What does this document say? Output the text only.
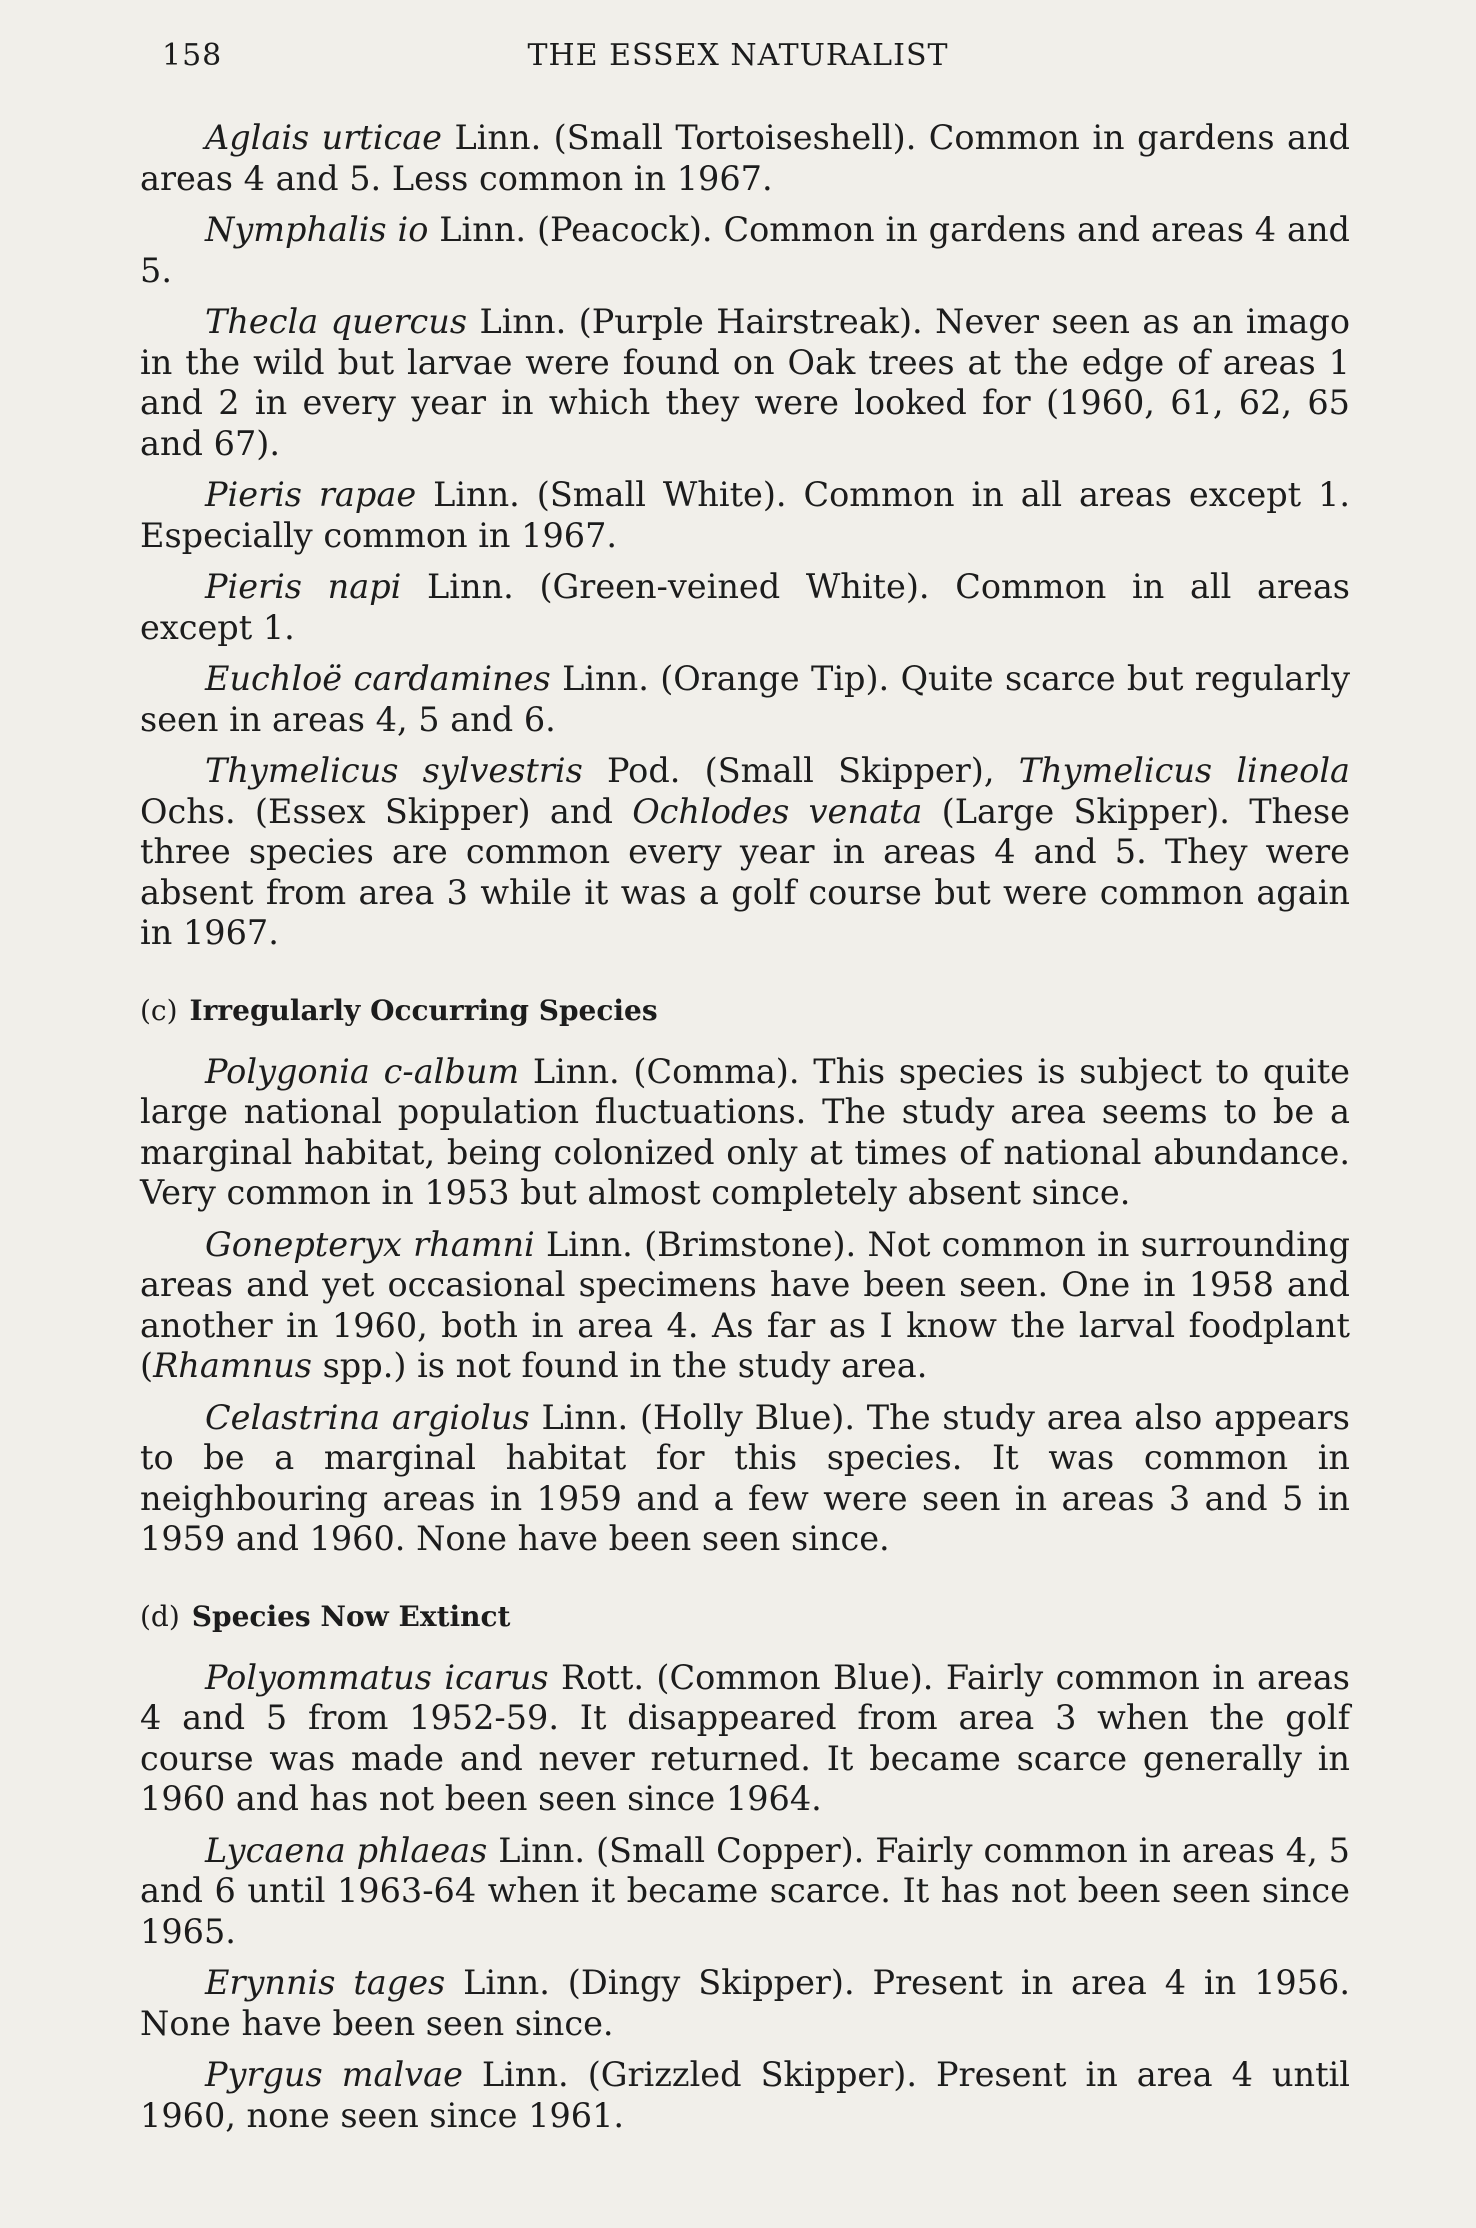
158	THE ESSEX NATURALIST

Aglais urticae Linn. (Small Tortoiseshell). Common in gardens and areas 4 and 5. Less common in 1967.

Nymphalis io Linn. (Peacock). Common in gardens and areas 4 and 5.

Thecla quercus Linn. (Purple Hairstreak). Never seen as an imago in the wild but larvae were found on Oak trees at the edge of areas 1 and 2 in every year in which they were looked for (1960, 61, 62, 65 and 67).

Pieris rapae Linn. (Small White). Common in all areas except 1. Especially common in 1967.

Pieris napi Linn. (Green-veined White). Common in all areas except 1.

Euchloë cardamines Linn. (Orange Tip). Quite scarce but regularly seen in areas 4, 5 and 6.

Thymelicus sylvestris Pod. (Small Skipper), Thymelicus lineola Ochs. (Essex Skipper) and Ochlodes venata (Large Skipper). These three species are common every year in areas 4 and 5. They were absent from area 3 while it was a golf course but were common again in 1967.

(c) Irregularly Occurring Species

Polygonia c-album Linn. (Comma). This species is subject to quite large national population fluctuations. The study area seems to be a marginal habitat, being colonized only at times of national abundance. Very common in 1953 but almost completely absent since.

Gonepteryx rhamni Linn. (Brimstone). Not common in surrounding areas and yet occasional specimens have been seen. One in 1958 and another in 1960, both in area 4. As far as I know the larval foodplant (Rhamnus spp.) is not found in the study area.

Celastrina argiolus Linn. (Holly Blue). The study area also appears to be a marginal habitat for this species. It was common in neighbouring areas in 1959 and a few were seen in areas 3 and 5 in 1959 and 1960. None have been seen since.

(d) Species Now Extinct

Polyommatus icarus Rott. (Common Blue). Fairly common in areas 4 and 5 from 1952-59. It disappeared from area 3 when the golf course was made and never returned. It became scarce generally in 1960 and has not been seen since 1964.

Lycaena phlaeas Linn. (Small Copper). Fairly common in areas 4, 5 and 6 until 1963-64 when it became scarce. It has not been seen since 1965.

Erynnis tages Linn. (Dingy Skipper). Present in area 4 in 1956. None have been seen since.

Pyrgus malvae Linn. (Grizzled Skipper). Present in area 4 until 1960, none seen since 1961.
